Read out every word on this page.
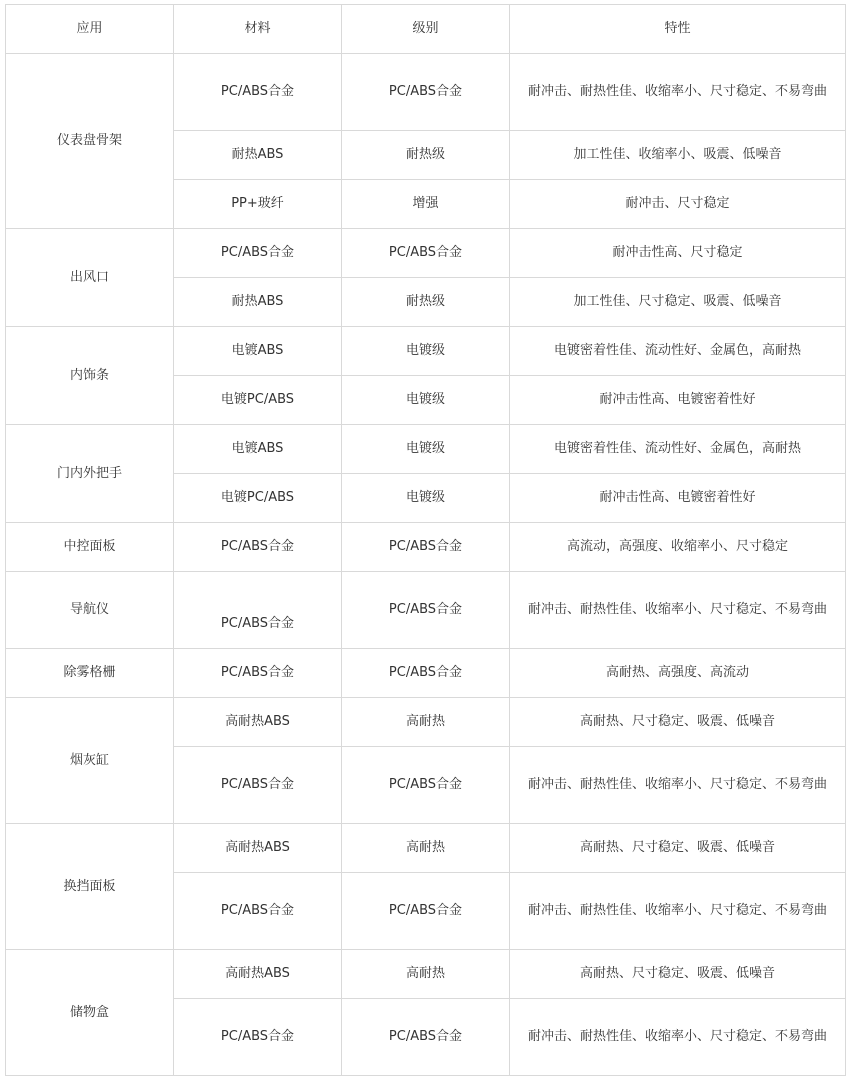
应用	材料	级别	特性
仪表盘骨架	PC/ABS合金	PC/ABS合金	耐冲击、耐热性佳、收缩率小、尺寸稳定、不易弯曲
	耐热ABS	耐热级	加工性佳、收缩率小、吸震、低噪音
	PP+玻纤	增强	耐冲击、尺寸稳定
出风口	PC/ABS合金	PC/ABS合金	耐冲击性高、尺寸稳定
	耐热ABS	耐热级	加工性佳、尺寸稳定、吸震、低噪音
内饰条	电镀ABS	电镀级	电镀密着性佳、流动性好、金属色，高耐热
	电镀PC/ABS	电镀级	耐冲击性高、电镀密着性好
门内外把手	电镀ABS	电镀级	电镀密着性佳、流动性好、金属色，高耐热
	电镀PC/ABS	电镀级	耐冲击性高、电镀密着性好
中控面板	PC/ABS合金	PC/ABS合金	高流动，高强度、收缩率小、尺寸稳定
导航仪	PC/ABS合金	PC/ABS合金	耐冲击、耐热性佳、收缩率小、尺寸稳定、不易弯曲
除雾格栅	PC/ABS合金	PC/ABS合金	高耐热、高强度、高流动
烟灰缸	高耐热ABS	高耐热	高耐热、尺寸稳定、吸震、低噪音
	PC/ABS合金	PC/ABS合金	耐冲击、耐热性佳、收缩率小、尺寸稳定、不易弯曲
换挡面板	高耐热ABS	高耐热	高耐热、尺寸稳定、吸震、低噪音
	PC/ABS合金	PC/ABS合金	耐冲击、耐热性佳、收缩率小、尺寸稳定、不易弯曲
储物盒	高耐热ABS	高耐热	高耐热、尺寸稳定、吸震、低噪音
	PC/ABS合金	PC/ABS合金	耐冲击、耐热性佳、收缩率小、尺寸稳定、不易弯曲
